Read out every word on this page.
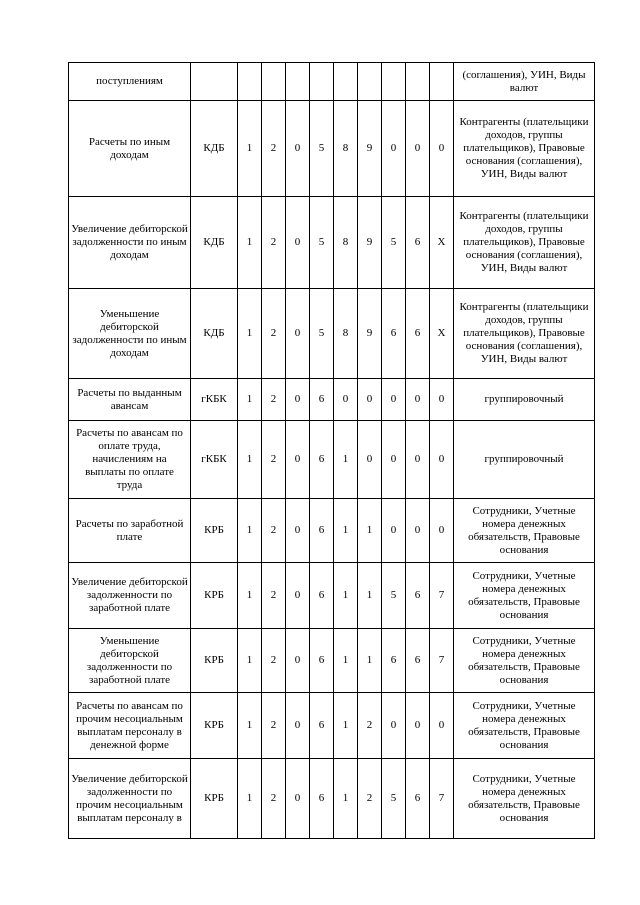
поступлениям											(соглашения), УИН, Виды валют
Расчеты по иным доходам	КДБ	1	2	0	5	8	9	0	0	0	Контрагенты (плательщики доходов, группы плательщиков), Правовые основания (соглашения), УИН, Виды валют
Увеличение дебиторской задолженности по иным доходам	КДБ	1	2	0	5	8	9	5	6	X	Контрагенты (плательщики доходов, группы плательщиков), Правовые основания (соглашения), УИН, Виды валют
Уменьшение дебиторской задолженности по иным доходам	КДБ	1	2	0	5	8	9	6	6	X	Контрагенты (плательщики доходов, группы плательщиков), Правовые основания (соглашения), УИН, Виды валют
Расчеты по выданным авансам	гКБК	1	2	0	6	0	0	0	0	0	группировочный
Расчеты по авансам по оплате труда, начислениям на выплаты по оплате труда	гКБК	1	2	0	6	1	0	0	0	0	группировочный
Расчеты по заработной плате	КРБ	1	2	0	6	1	1	0	0	0	Сотрудники, Учетные номера денежных обязательств, Правовые основания
Увеличение дебиторской задолженности по заработной плате	КРБ	1	2	0	6	1	1	5	6	7	Сотрудники, Учетные номера денежных обязательств, Правовые основания
Уменьшение дебиторской задолженности по заработной плате	КРБ	1	2	0	6	1	1	6	6	7	Сотрудники, Учетные номера денежных обязательств, Правовые основания
Расчеты по авансам по прочим несоциальным выплатам персоналу в денежной форме	КРБ	1	2	0	6	1	2	0	0	0	Сотрудники, Учетные номера денежных обязательств, Правовые основания
Увеличение дебиторской задолженности по прочим несоциальным выплатам персоналу в	КРБ	1	2	0	6	1	2	5	6	7	Сотрудники, Учетные номера денежных обязательств, Правовые основания
